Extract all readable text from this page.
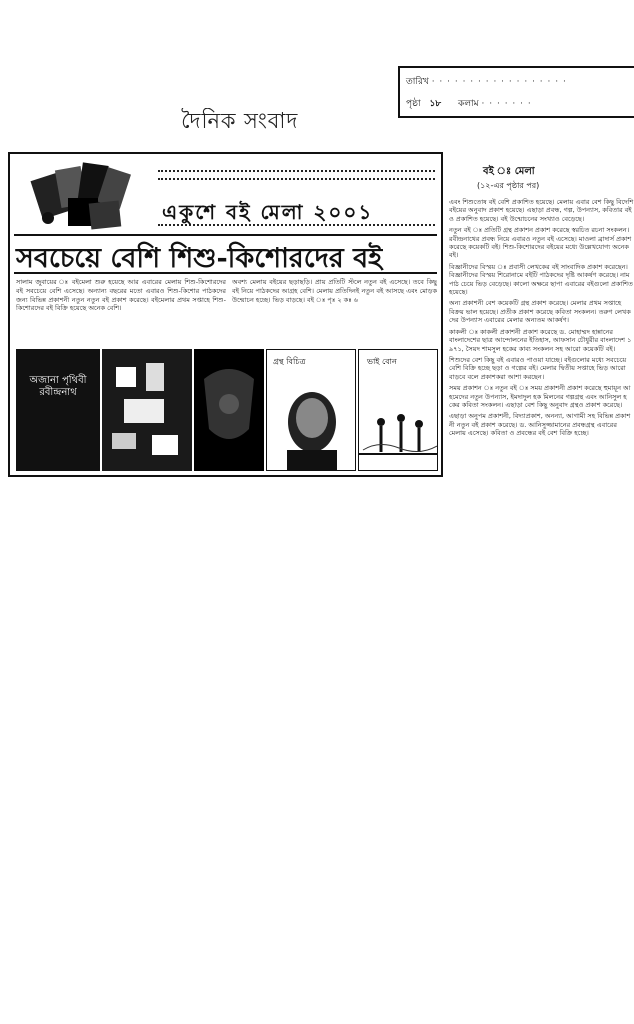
তারিখ · · · · · · · · · · · · · · · · · ·
পৃষ্ঠা ১৮ কলাম · · · · · · ·
দৈনিক সংবাদ
একুশে বই মেলা ২০০১
সবচেয়ে বেশি শিশু-কিশোরদের বই
সালাম জুবায়ের ঃ বইমেলা শুরু হয়েছে আর এবারের মেলায় শিশু-কিশোরদের বই সবচেয়ে বেশি এসেছে। অন্যান্য বছরের মতো এবারও শিশু-কিশোর পাঠকদের জন্য বিভিন্ন প্রকাশনী নতুন নতুন বই প্রকাশ করেছে। বইমেলার প্রথম সপ্তাহে শিশু-কিশোরদের বই বিক্রি হয়েছে অনেক বেশি।
অবশ্য মেলায় বইয়ের ছড়াছড়ি। প্রায় প্রতিটি স্টলে নতুন বই এসেছে। তবে কিছু বই নিয়ে পাঠকদের আগ্রহ বেশি। মেলায় প্রতিদিনই নতুন বই আসছে এবং মোড়ক উন্মোচন হচ্ছে। ভিড় বাড়ছে। বই ঃ পৃঃ ২ কঃ ৬
অজানা পৃথিবী রবীন্দ্রনাথ
গ্রন্থ বিচিত্র	ভাই বোন
বই ঃ মেলা
(১২-এর পৃষ্ঠার পর)

এবং শিশুতোষ বই বেশি প্রকাশিত হয়েছে। মেলায় এবার বেশ কিছু বিদেশি বইয়ের অনুবাদ প্রকাশ হয়েছে। এছাড়া প্রবন্ধ, গল্প, উপন্যাস, কবিতার বইও প্রকাশিত হয়েছে। বই উন্মোচনের সংখ্যাও বেড়েছে।

নতুন বই ঃ প্রতিটি গ্রন্থ প্রকাশন প্রকাশ করেছে স্বরচিত রচনা সংকলন। রবীন্দ্রনাথের প্রবন্ধ নিয়ে এবারও নতুন বই এসেছে। মাওলা ব্রাদার্স প্রকাশ করেছে কয়েকটি বই। শিশু-কিশোরদের বইয়ের মধ্যে উল্লেখযোগ্য অনেক বই।

বিজ্ঞানীদের বিস্ময় ঃ প্রবাসী লেখকের বই সাংবাদিক প্রকাশ করেছেন। বিজ্ঞানীদের বিস্ময় শিরোনামে বইটি পাঠকদের দৃষ্টি আকর্ষণ করেছে। নাম পাঠ চেয়ে ভিড় বেড়েছে। কালো অক্ষরে ছাপা এবারের বইগুলো প্রকাশিত হয়েছে।

অন্য প্রকাশনী বেশ কয়েকটি গ্রন্থ প্রকাশ করেছে। মেলার প্রথম সপ্তাহে বিক্রয় ভাল হয়েছে। প্রতীক প্রকাশ করেছে কবিতা সংকলন। তরুণ লেখকদের উপন্যাস এবারের মেলার অন্যতম আকর্ষণ।

কাকলী ঃ কাকলী প্রকাশনী প্রকাশ করেছে ড. মোহাম্মদ হান্নানের বাংলাদেশের ছাত্র আন্দোলনের ইতিহাস, আফসান চৌধুরীর বাংলাদেশ ১৯৭১, সৈয়দ শামসুল হকের কাব্য সংকলন সহ আরো কয়েকটি বই।

শিশুদের বেশ কিছু বই এবারও পাওয়া যাচ্ছে। বইগুলোর মধ্যে সবচেয়ে বেশি বিক্রি হচ্ছে ছড়া ও গল্পের বই। মেলার দ্বিতীয় সপ্তাহে ভিড় আরো বাড়বে বলে প্রকাশকরা আশা করছেন।

সময় প্রকাশন ঃ নতুন বই ঃ সময় প্রকাশনী প্রকাশ করেছে হুমায়ূন আহমেদের নতুন উপন্যাস, ইমদাদুল হক মিলনের গল্পগ্রন্থ এবং আনিসুল হকের কবিতা সংকলন। এছাড়া বেশ কিছু অনুবাদ গ্রন্থও প্রকাশ করেছে।

এছাড়া অনুপম প্রকাশনী, বিদ্যাপ্রকাশ, অনন্যা, আগামী সহ বিভিন্ন প্রকাশনী নতুন বই প্রকাশ করেছে। ড. আনিসুজ্জামানের প্রবন্ধগ্রন্থ এবারের মেলায় এসেছে। কবিতা ও প্রবন্ধের বই বেশ বিক্রি হচ্ছে।
